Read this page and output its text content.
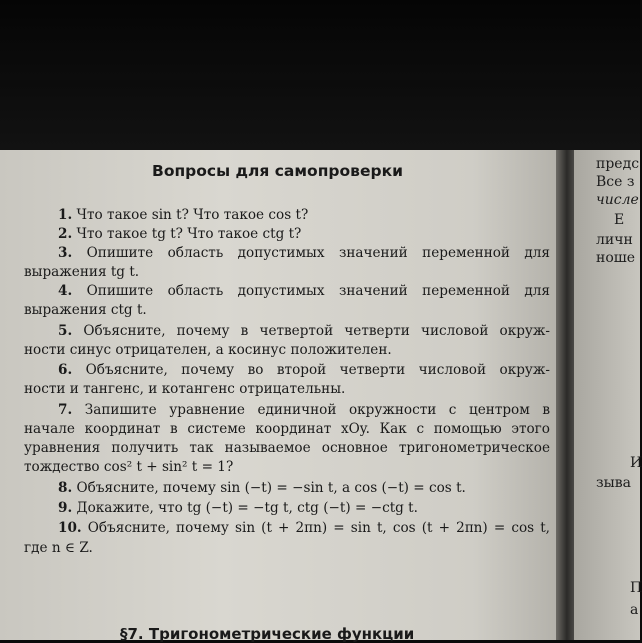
Вопросы для самопроверки
1. Что такое sin t? Что такое cos t?
2. Что такое tg t? Что такое ctg t?
3. Опишите область допустимых значений переменной для
выражения tg t.
4. Опишите область допустимых значений переменной для
выражения ctg t.
5. Объясните, почему в четвертой четверти числовой окруж-
ности синус отрицателен, а косинус положителен.
6. Объясните, почему во второй четверти числовой окруж-
ности и тангенс, и котангенс отрицательны.
7. Запишите уравнение единичной окружности с центром в
начале координат в системе координат xOy. Как с помощью этого
уравнения получить так называемое основное тригонометрическое
тождество cos² t + sin² t = 1?
8. Объясните, почему sin (−t) = −sin t, а cos (−t) = cos t.
9. Докажите, что tg (−t) = −tg t, ctg (−t) = −ctg t.
10. Объясните, почему sin (t + 2πn) = sin t, cos (t + 2πn) = cos t,
где n ∈ Z.
§7. Тригонометрические функции
предс
Все з
числе
Е
личн
ноше
И
зыва
П
а
